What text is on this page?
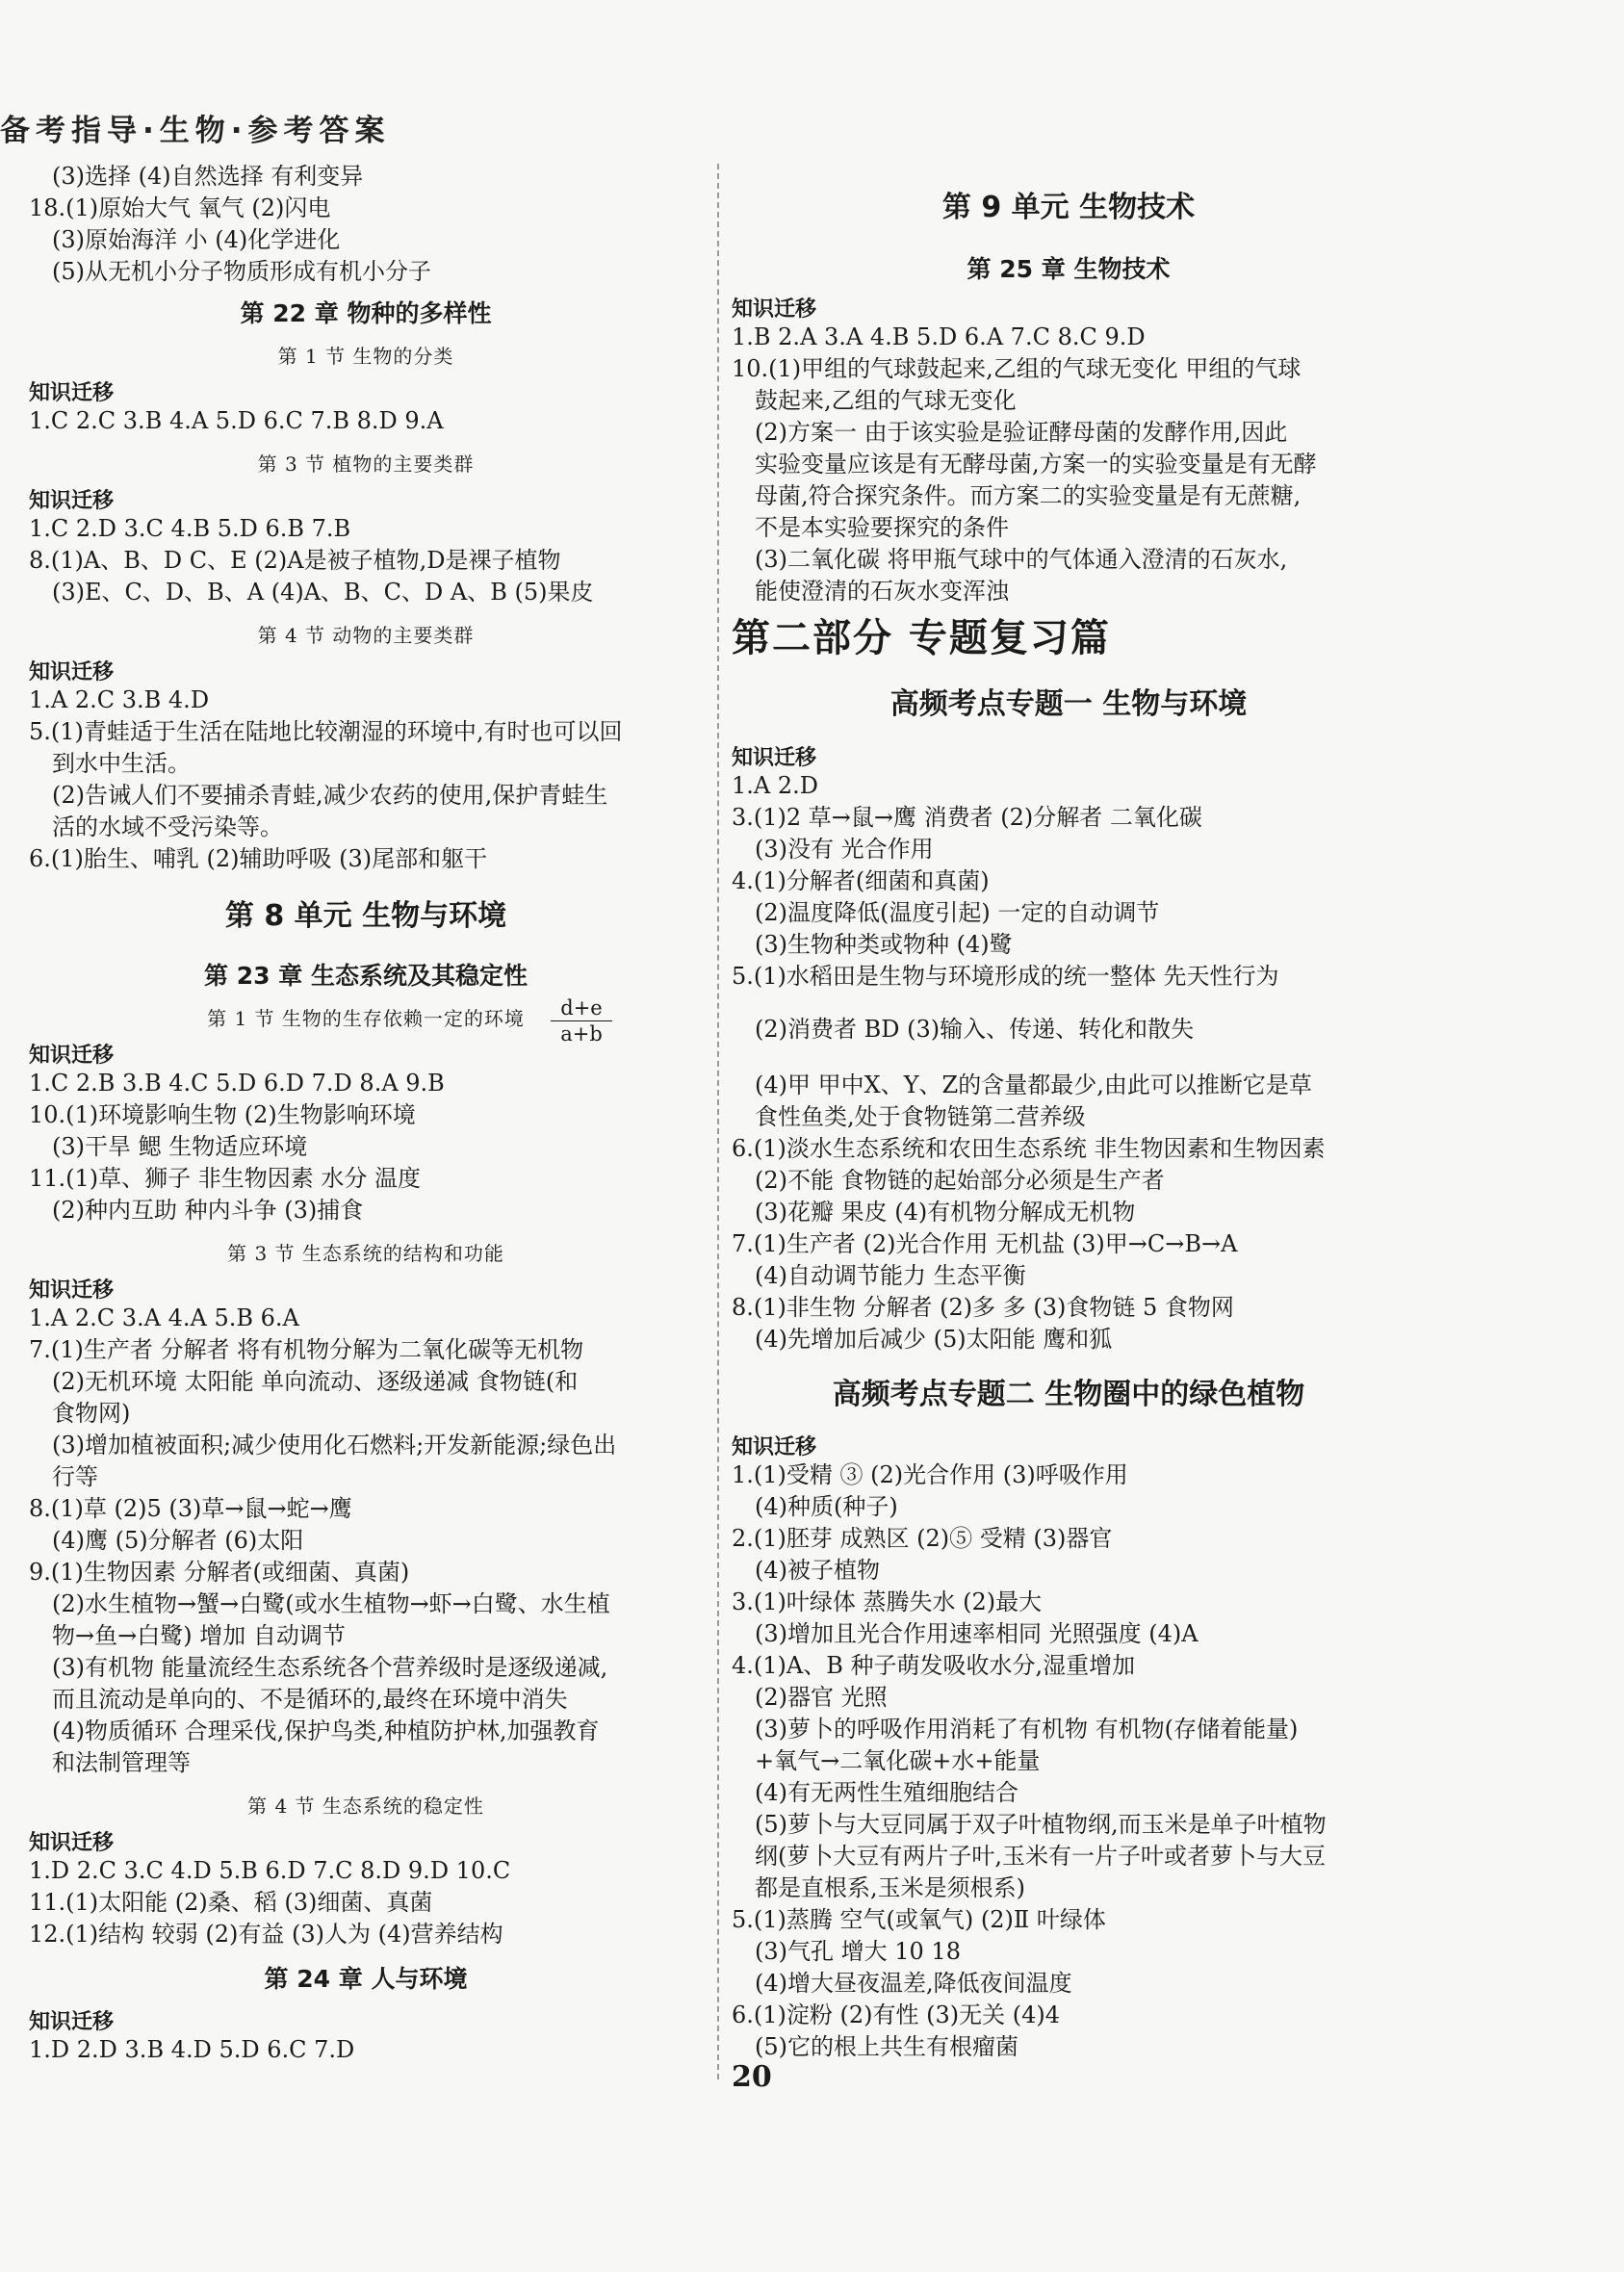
备考指导·生物·参考答案
(3)选择 (4)自然选择 有利变异
18.(1)原始大气 氧气 (2)闪电
(3)原始海洋 小 (4)化学进化
(5)从无机小分子物质形成有机小分子
第 22 章 物种的多样性
第 1 节 生物的分类
知识迁移
1.C 2.C 3.B 4.A 5.D 6.C 7.B 8.D 9.A
第 3 节 植物的主要类群
知识迁移
1.C 2.D 3.C 4.B 5.D 6.B 7.B
8.(1)A、B、D C、E (2)A是被子植物,D是裸子植物
(3)E、C、D、B、A (4)A、B、C、D A、B (5)果皮
第 4 节 动物的主要类群
知识迁移
1.A 2.C 3.B 4.D
5.(1)青蛙适于生活在陆地比较潮湿的环境中,有时也可以回
到水中生活。
(2)告诫人们不要捕杀青蛙,减少农药的使用,保护青蛙生
活的水域不受污染等。
6.(1)胎生、哺乳 (2)辅助呼吸 (3)尾部和躯干
第 8 单元 生物与环境
第 23 章 生态系统及其稳定性
第 1 节 生物的生存依赖一定的环境
知识迁移
1.C 2.B 3.B 4.C 5.D 6.D 7.D 8.A 9.B
10.(1)环境影响生物 (2)生物影响环境
(3)干旱 鳃 生物适应环境
11.(1)草、狮子 非生物因素 水分 温度
(2)种内互助 种内斗争 (3)捕食
第 3 节 生态系统的结构和功能
知识迁移
1.A 2.C 3.A 4.A 5.B 6.A
7.(1)生产者 分解者 将有机物分解为二氧化碳等无机物
(2)无机环境 太阳能 单向流动、逐级递减 食物链(和
食物网)
(3)增加植被面积;减少使用化石燃料;开发新能源;绿色出
行等
8.(1)草 (2)5 (3)草→鼠→蛇→鹰
(4)鹰 (5)分解者 (6)太阳
9.(1)生物因素 分解者(或细菌、真菌)
(2)水生植物→蟹→白鹭(或水生植物→虾→白鹭、水生植
物→鱼→白鹭) 增加 自动调节
(3)有机物 能量流经生态系统各个营养级时是逐级递减,
而且流动是单向的、不是循环的,最终在环境中消失
(4)物质循环 合理采伐,保护鸟类,种植防护林,加强教育
和法制管理等
第 4 节 生态系统的稳定性
知识迁移
1.D 2.C 3.C 4.D 5.B 6.D 7.C 8.D 9.D 10.C
11.(1)太阳能 (2)桑、稻 (3)细菌、真菌
12.(1)结构 较弱 (2)有益 (3)人为 (4)营养结构
第 24 章 人与环境
知识迁移
1.D 2.D 3.B 4.D 5.D 6.C 7.D
第 9 单元 生物技术
第 25 章 生物技术
知识迁移
1.B 2.A 3.A 4.B 5.D 6.A 7.C 8.C 9.D
10.(1)甲组的气球鼓起来,乙组的气球无变化 甲组的气球
鼓起来,乙组的气球无变化
(2)方案一 由于该实验是验证酵母菌的发酵作用,因此
实验变量应该是有无酵母菌,方案一的实验变量是有无酵
母菌,符合探究条件。而方案二的实验变量是有无蔗糖,
不是本实验要探究的条件
(3)二氧化碳 将甲瓶气球中的气体通入澄清的石灰水,
能使澄清的石灰水变浑浊
第二部分 专题复习篇
高频考点专题一 生物与环境
知识迁移
1.A 2.D
3.(1)2 草→鼠→鹰 消费者 (2)分解者 二氧化碳
(3)没有 光合作用
4.(1)分解者(细菌和真菌)
(2)温度降低(温度引起) 一定的自动调节
(3)生物种类或物种 (4)鹭
5.(1)水稻田是生物与环境形成的统一整体 先天性行为
(2)消费者 BD (3)输入、传递、转化和散失
(4)甲 甲中X、Y、Z的含量都最少,由此可以推断它是草
食性鱼类,处于食物链第二营养级
6.(1)淡水生态系统和农田生态系统 非生物因素和生物因素
(2)不能 食物链的起始部分必须是生产者
(3)花瓣 果皮 (4)有机物分解成无机物
7.(1)生产者 (2)光合作用 无机盐 (3)甲→C→B→A
(4)自动调节能力 生态平衡
8.(1)非生物 分解者 (2)多 多 (3)食物链 5 食物网
(4)先增加后减少 (5)太阳能 鹰和狐
高频考点专题二 生物圈中的绿色植物
知识迁移
1.(1)受精 ③ (2)光合作用 (3)呼吸作用
(4)种质(种子)
2.(1)胚芽 成熟区 (2)⑤ 受精 (3)器官
(4)被子植物
3.(1)叶绿体 蒸腾失水 (2)最大
(3)增加且光合作用速率相同 光照强度 (4)A
4.(1)A、B 种子萌发吸收水分,湿重增加
(2)器官 光照
(3)萝卜的呼吸作用消耗了有机物 有机物(存储着能量)
+氧气→二氧化碳+水+能量
(4)有无两性生殖细胞结合
(5)萝卜与大豆同属于双子叶植物纲,而玉米是单子叶植物
纲(萝卜大豆有两片子叶,玉米有一片子叶或者萝卜与大豆
都是直根系,玉米是须根系)
5.(1)蒸腾 空气(或氧气) (2)Ⅱ 叶绿体
(3)气孔 增大 10 18
(4)增大昼夜温差,降低夜间温度
6.(1)淀粉 (2)有性 (3)无关 (4)4
(5)它的根上共生有根瘤菌
$\frac{d+e}{a+b}$
20
